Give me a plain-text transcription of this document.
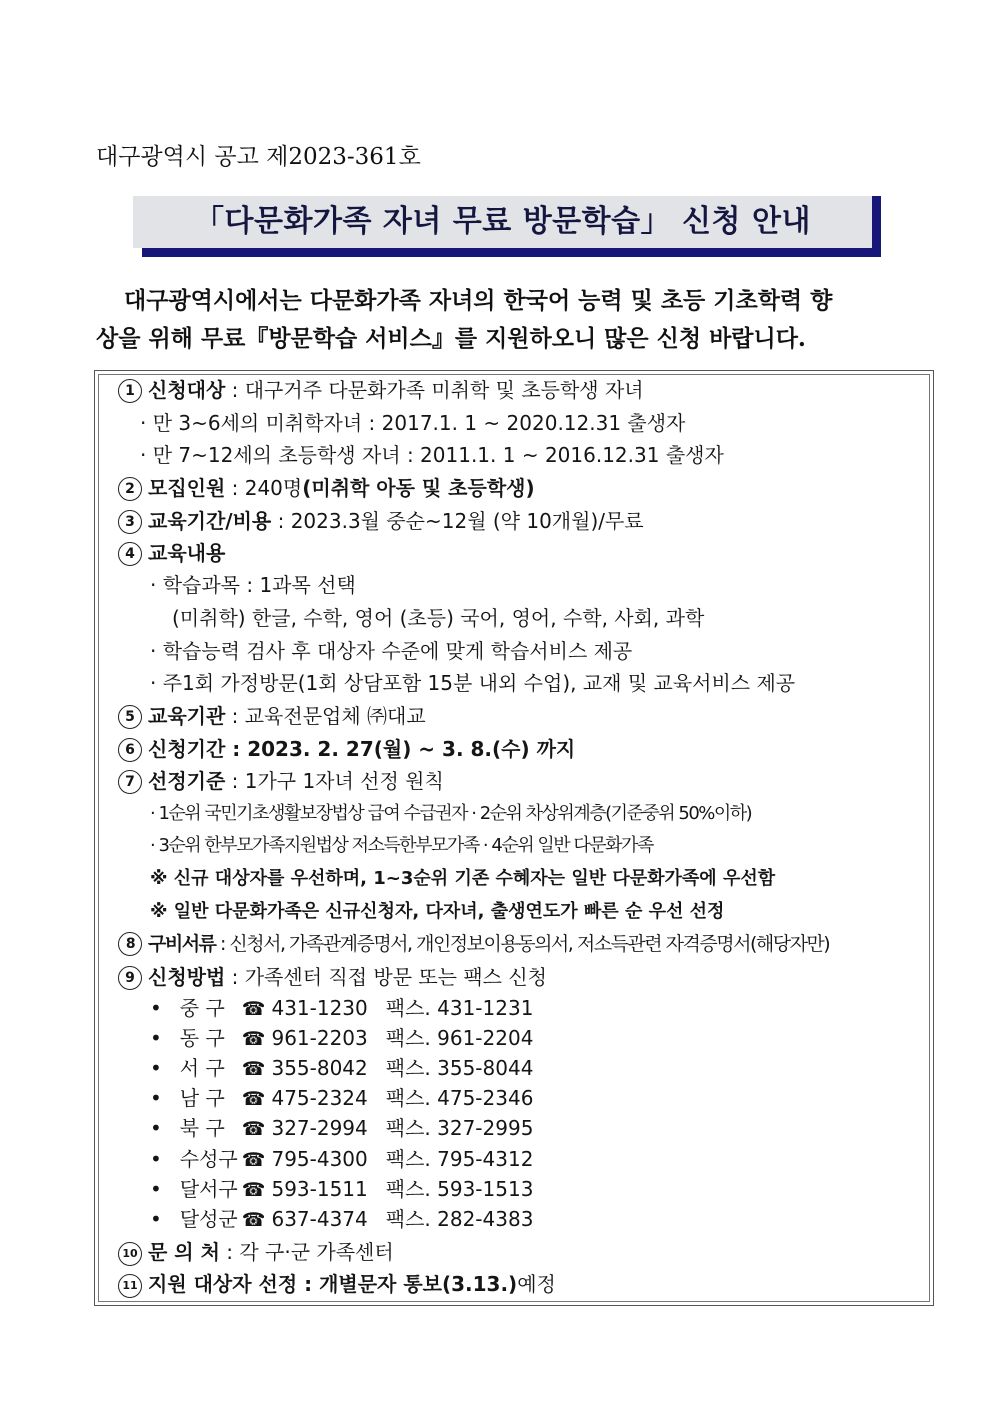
대구광역시 공고 제2023-361호
「다문화가족 자녀 무료 방문학습」 신청 안내
대구광역시에서는 다문화가족 자녀의 한국어 능력 및 초등 기초학력 향
상을 위해 무료『방문학습 서비스』를 지원하오니 많은 신청 바랍니다.
1 신청대상 : 대구거주 다문화가족 미취학 및 초등학생 자녀
· 만 3~6세의 미취학자녀 : 2017.1. 1 ~ 2020.12.31 출생자
· 만 7~12세의 초등학생 자녀 : 2011.1. 1 ~ 2016.12.31 출생자
2 모집인원 : 240명(미취학 아동 및 초등학생)
3 교육기간/비용 : 2023.3월 중순~12월 (약 10개월)/무료
4 교육내용
· 학습과목 : 1과목 선택
(미취학) 한글, 수학, 영어 (초등) 국어, 영어, 수학, 사회, 과학
· 학습능력 검사 후 대상자 수준에 맞게 학습서비스 제공
· 주1회 가정방문(1회 상담포함 15분 내외 수업), 교재 및 교육서비스 제공
5 교육기관 : 교육전문업체 ㈜대교
6 신청기간 : 2023. 2. 27(월) ~ 3. 8.(수) 까지
7 선정기준 : 1가구 1자녀 선정 원칙
· 1순위 국민기초생활보장법상 급여 수급권자 · 2순위 차상위계층(기준중위 50%이하)
· 3순위 한부모가족지원법상 저소득한부모가족 · 4순위 일반 다문화가족
※ 신규 대상자를 우선하며, 1~3순위 기존 수혜자는 일반 다문화가족에 우선함
※ 일반 다문화가족은 신규신청자, 다자녀, 출생연도가 빠른 순 우선 선정
8 구비서류 : 신청서, 가족관계증명서, 개인정보이용동의서, 저소득관련 자격증명서(해당자만)
9 신청방법 : 가족센터 직접 방문 또는 팩스 신청
• 중 구 ☎ 431-1230 팩스. 431-1231
• 동 구 ☎ 961-2203 팩스. 961-2204
• 서 구 ☎ 355-8042 팩스. 355-8044
• 남 구 ☎ 475-2324 팩스. 475-2346
• 북 구 ☎ 327-2994 팩스. 327-2995
• 수성구 ☎ 795-4300 팩스. 795-4312
• 달서구 ☎ 593-1511 팩스. 593-1513
• 달성군 ☎ 637-4374 팩스. 282-4383
10 문 의 처 : 각 구·군 가족센터
11 지원 대상자 선정 : 개별문자 통보(3.13.)예정
